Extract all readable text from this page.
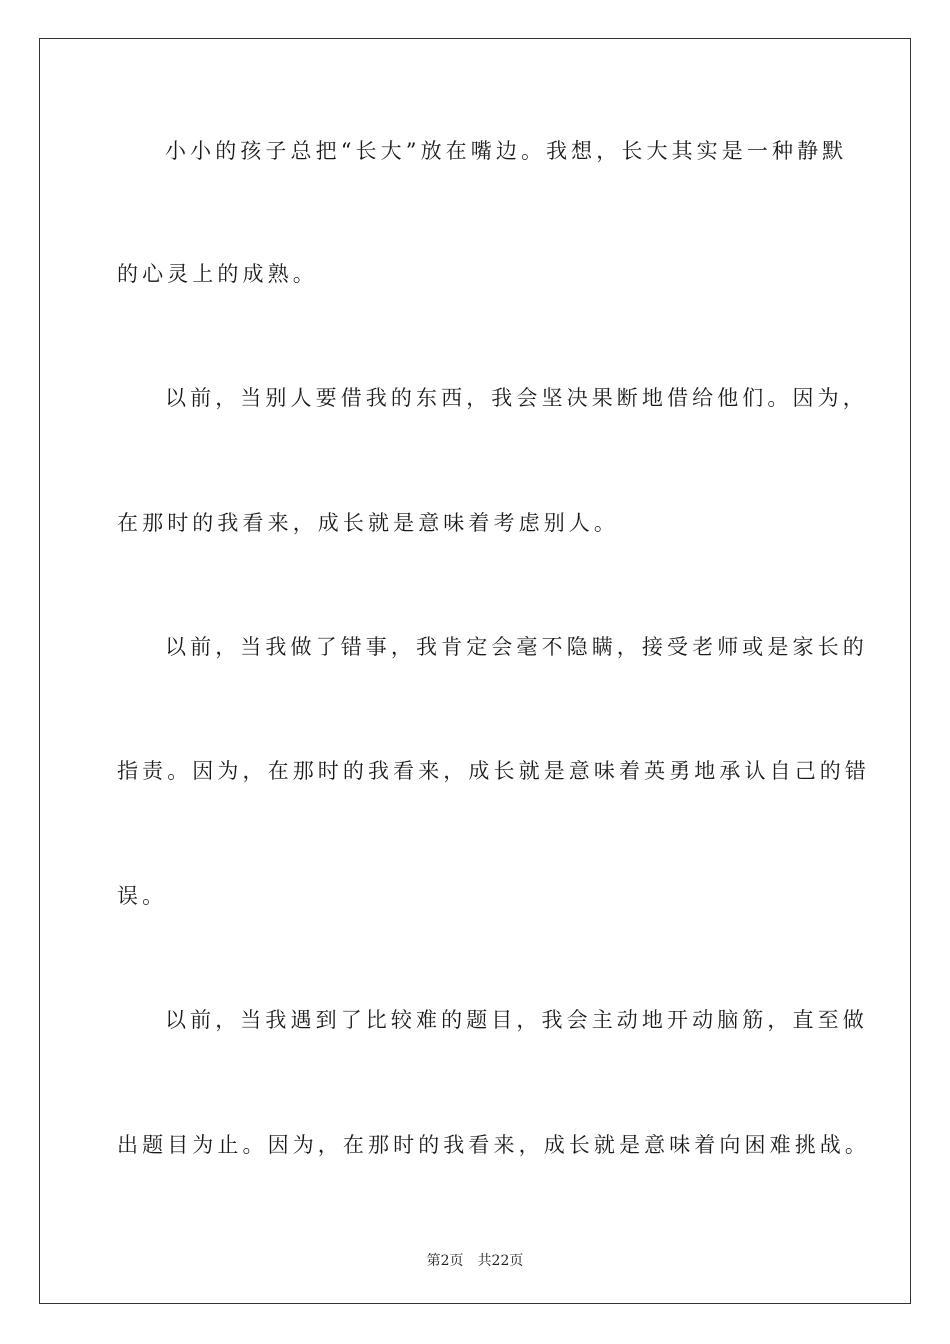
小小的孩子总把“长大”放在嘴边。我想，长大其实是一种静默
的心灵上的成熟。
以前，当别人要借我的东西，我会坚决果断地借给他们。因为，
在那时的我看来，成长就是意味着考虑别人。
以前，当我做了错事，我肯定会毫不隐瞒，接受老师或是家长的
指责。因为，在那时的我看来，成长就是意味着英勇地承认自己的错
误。
以前，当我遇到了比较难的题目，我会主动地开动脑筋，直至做
出题目为止。因为，在那时的我看来，成长就是意味着向困难挑战。
第2页 共22页
